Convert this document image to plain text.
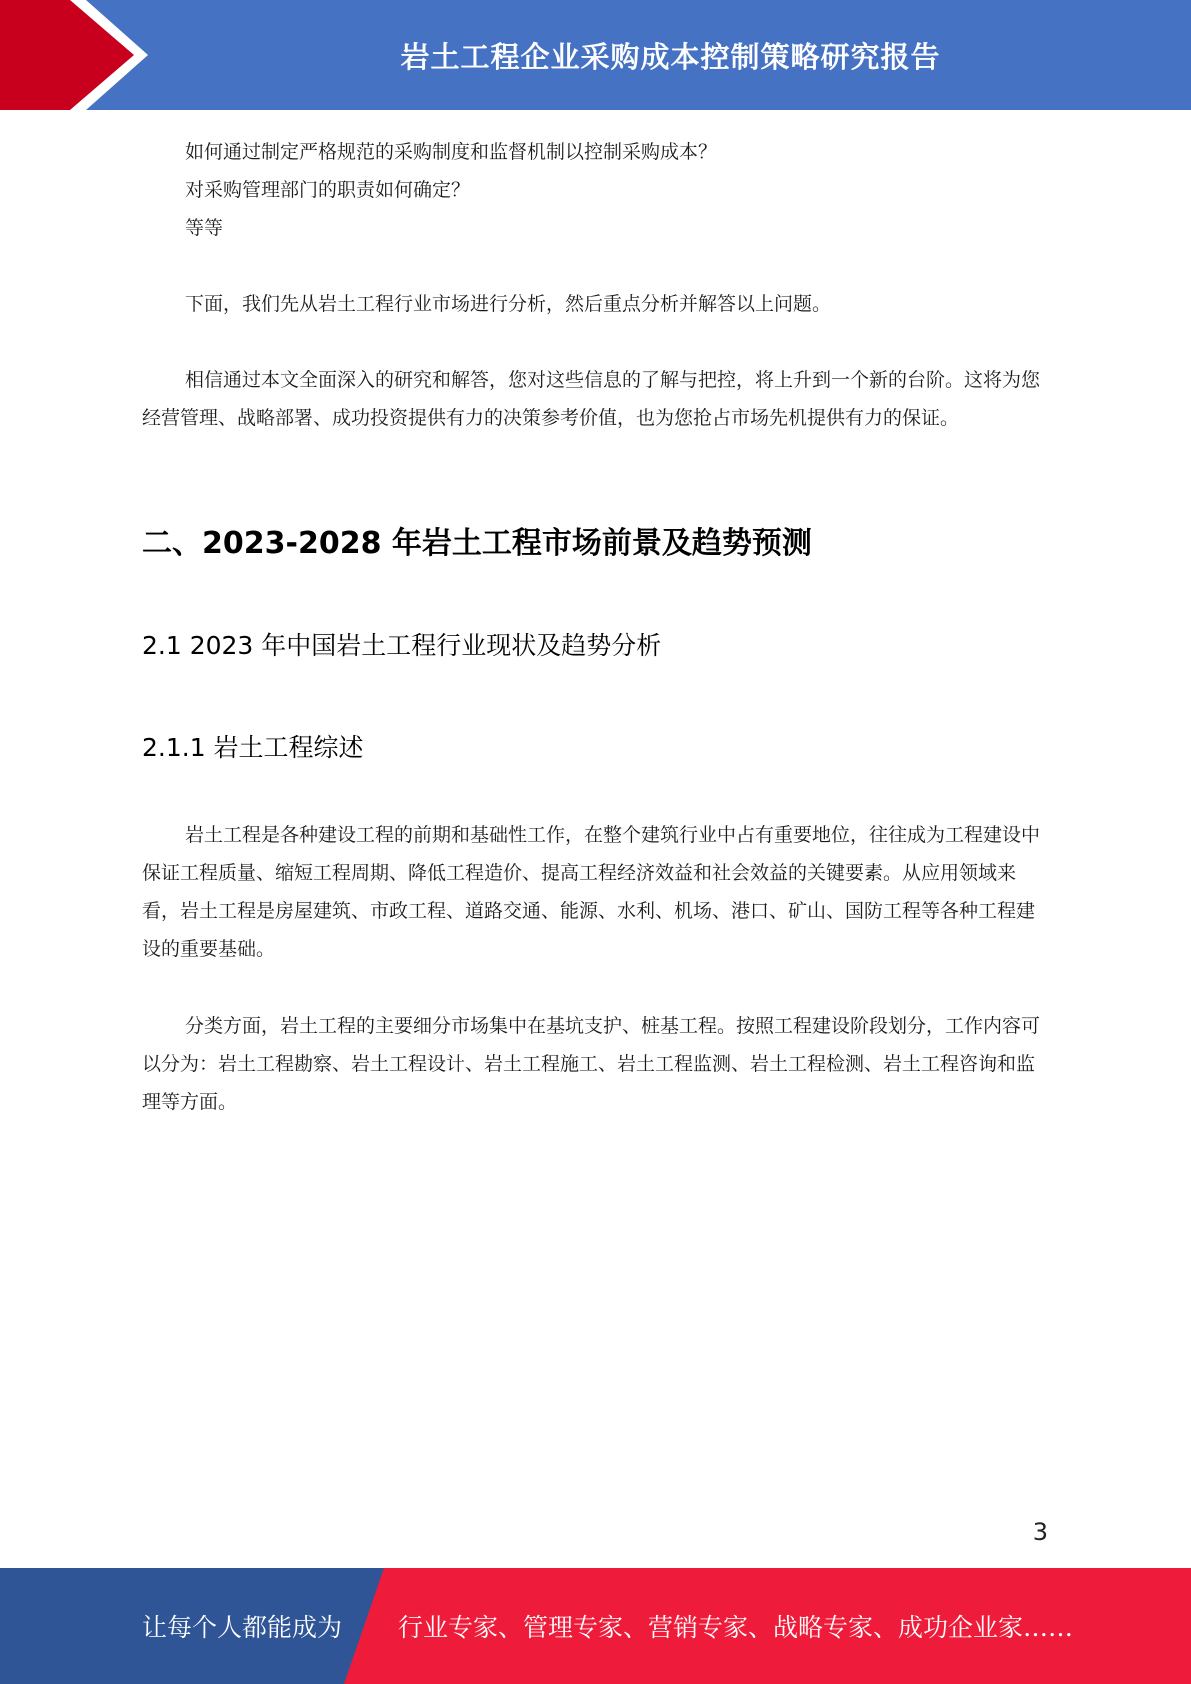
岩土工程企业采购成本控制策略研究报告

如何通过制定严格规范的采购制度和监督机制以控制采购成本？

对采购管理部门的职责如何确定？

等等

下面，我们先从岩土工程行业市场进行分析，然后重点分析并解答以上问题。

相信通过本文全面深入的研究和解答，您对这些信息的了解与把控，将上升到一个新的台阶。这将为您经营管理、战略部署、成功投资提供有力的决策参考价值，也为您抢占市场先机提供有力的保证。

二、2023-2028 年岩土工程市场前景及趋势预测
2.1 2023 年中国岩土工程行业现状及趋势分析
2.1.1 岩土工程综述

岩土工程是各种建设工程的前期和基础性工作，在整个建筑行业中占有重要地位，往往成为工程建设中保证工程质量、缩短工程周期、降低工程造价、提高工程经济效益和社会效益的关键要素。从应用领域来看，岩土工程是房屋建筑、市政工程、道路交通、能源、水利、机场、港口、矿山、国防工程等各种工程建设的重要基础。

分类方面，岩土工程的主要细分市场集中在基坑支护、桩基工程。按照工程建设阶段划分，工作内容可以分为：岩土工程勘察、岩土工程设计、岩土工程施工、岩土工程监测、岩土工程检测、岩土工程咨询和监理等方面。

3
让每个人都能成为 行业专家、管理专家、营销专家、战略专家、成功企业家……
